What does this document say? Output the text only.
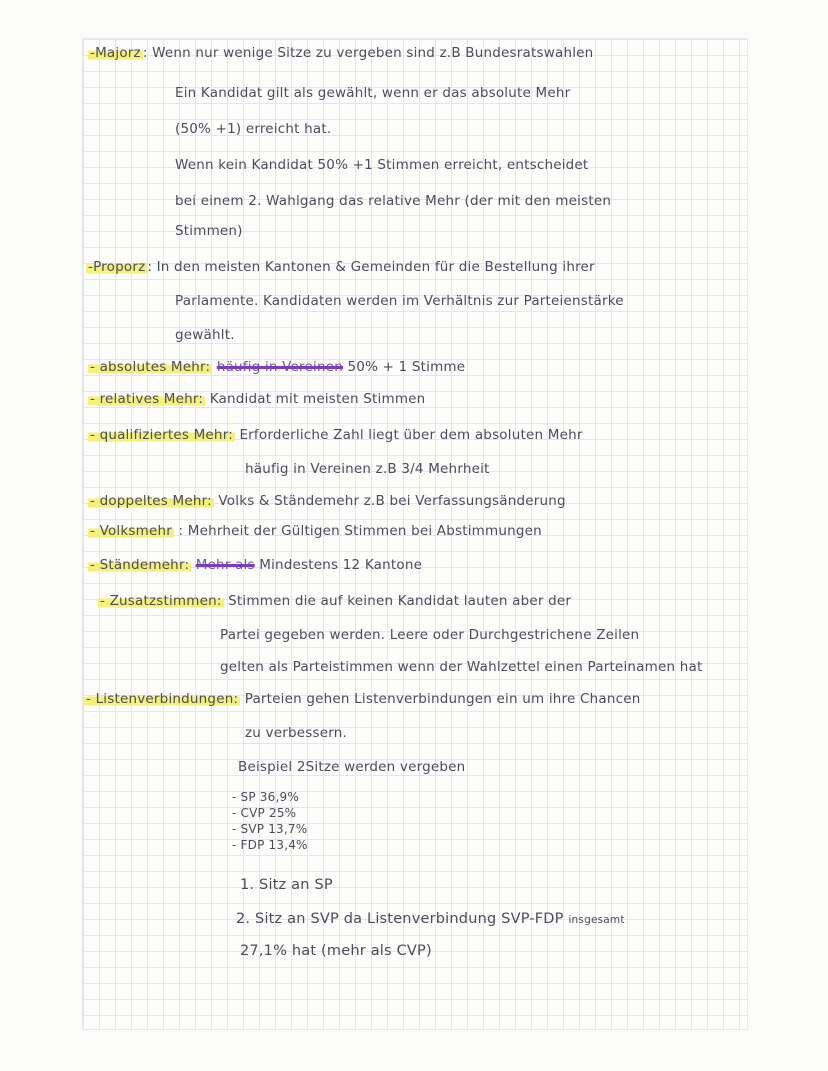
-Majorz : Wenn nur wenige Sitze zu vergeben sind z.B Bundesratswahlen
Ein Kandidat gilt als gewählt, wenn er das absolute Mehr
(50% +1) erreicht hat.
Wenn kein Kandidat 50% +1 Stimmen erreicht, entscheidet
bei einem 2. Wahlgang das relative Mehr (der mit den meisten
Stimmen)
-Proporz : In den meisten Kantonen & Gemeinden für die Bestellung ihrer
Parlamente. Kandidaten werden im Verhältnis zur Parteienstärke
gewählt.
- absolutes Mehr: häufig in Vereinen 50% + 1 Stimme
- relatives Mehr: Kandidat mit meisten Stimmen
- qualifiziertes Mehr: Erforderliche Zahl liegt über dem absoluten Mehr
häufig in Vereinen z.B 3/4 Mehrheit
- doppeltes Mehr: Volks & Ständemehr z.B bei Verfassungsänderung
- Volksmehr : Mehrheit der Gültigen Stimmen bei Abstimmungen
- Ständemehr: Mehr als Mindestens 12 Kantone
- Zusatzstimmen: Stimmen die auf keinen Kandidat lauten aber der
Partei gegeben werden. Leere oder Durchgestrichene Zeilen
gelten als Parteistimmen wenn der Wahlzettel einen Parteinamen hat
- Listenverbindungen: Parteien gehen Listenverbindungen ein um ihre Chancen
zu verbessern.
Beispiel 2Sitze werden vergeben
- SP 36,9%
- CVP 25%
- SVP 13,7%
- FDP 13,4%
1. Sitz an SP
2. Sitz an SVP da Listenverbindung SVP-FDP insgesamt
27,1% hat (mehr als CVP)
